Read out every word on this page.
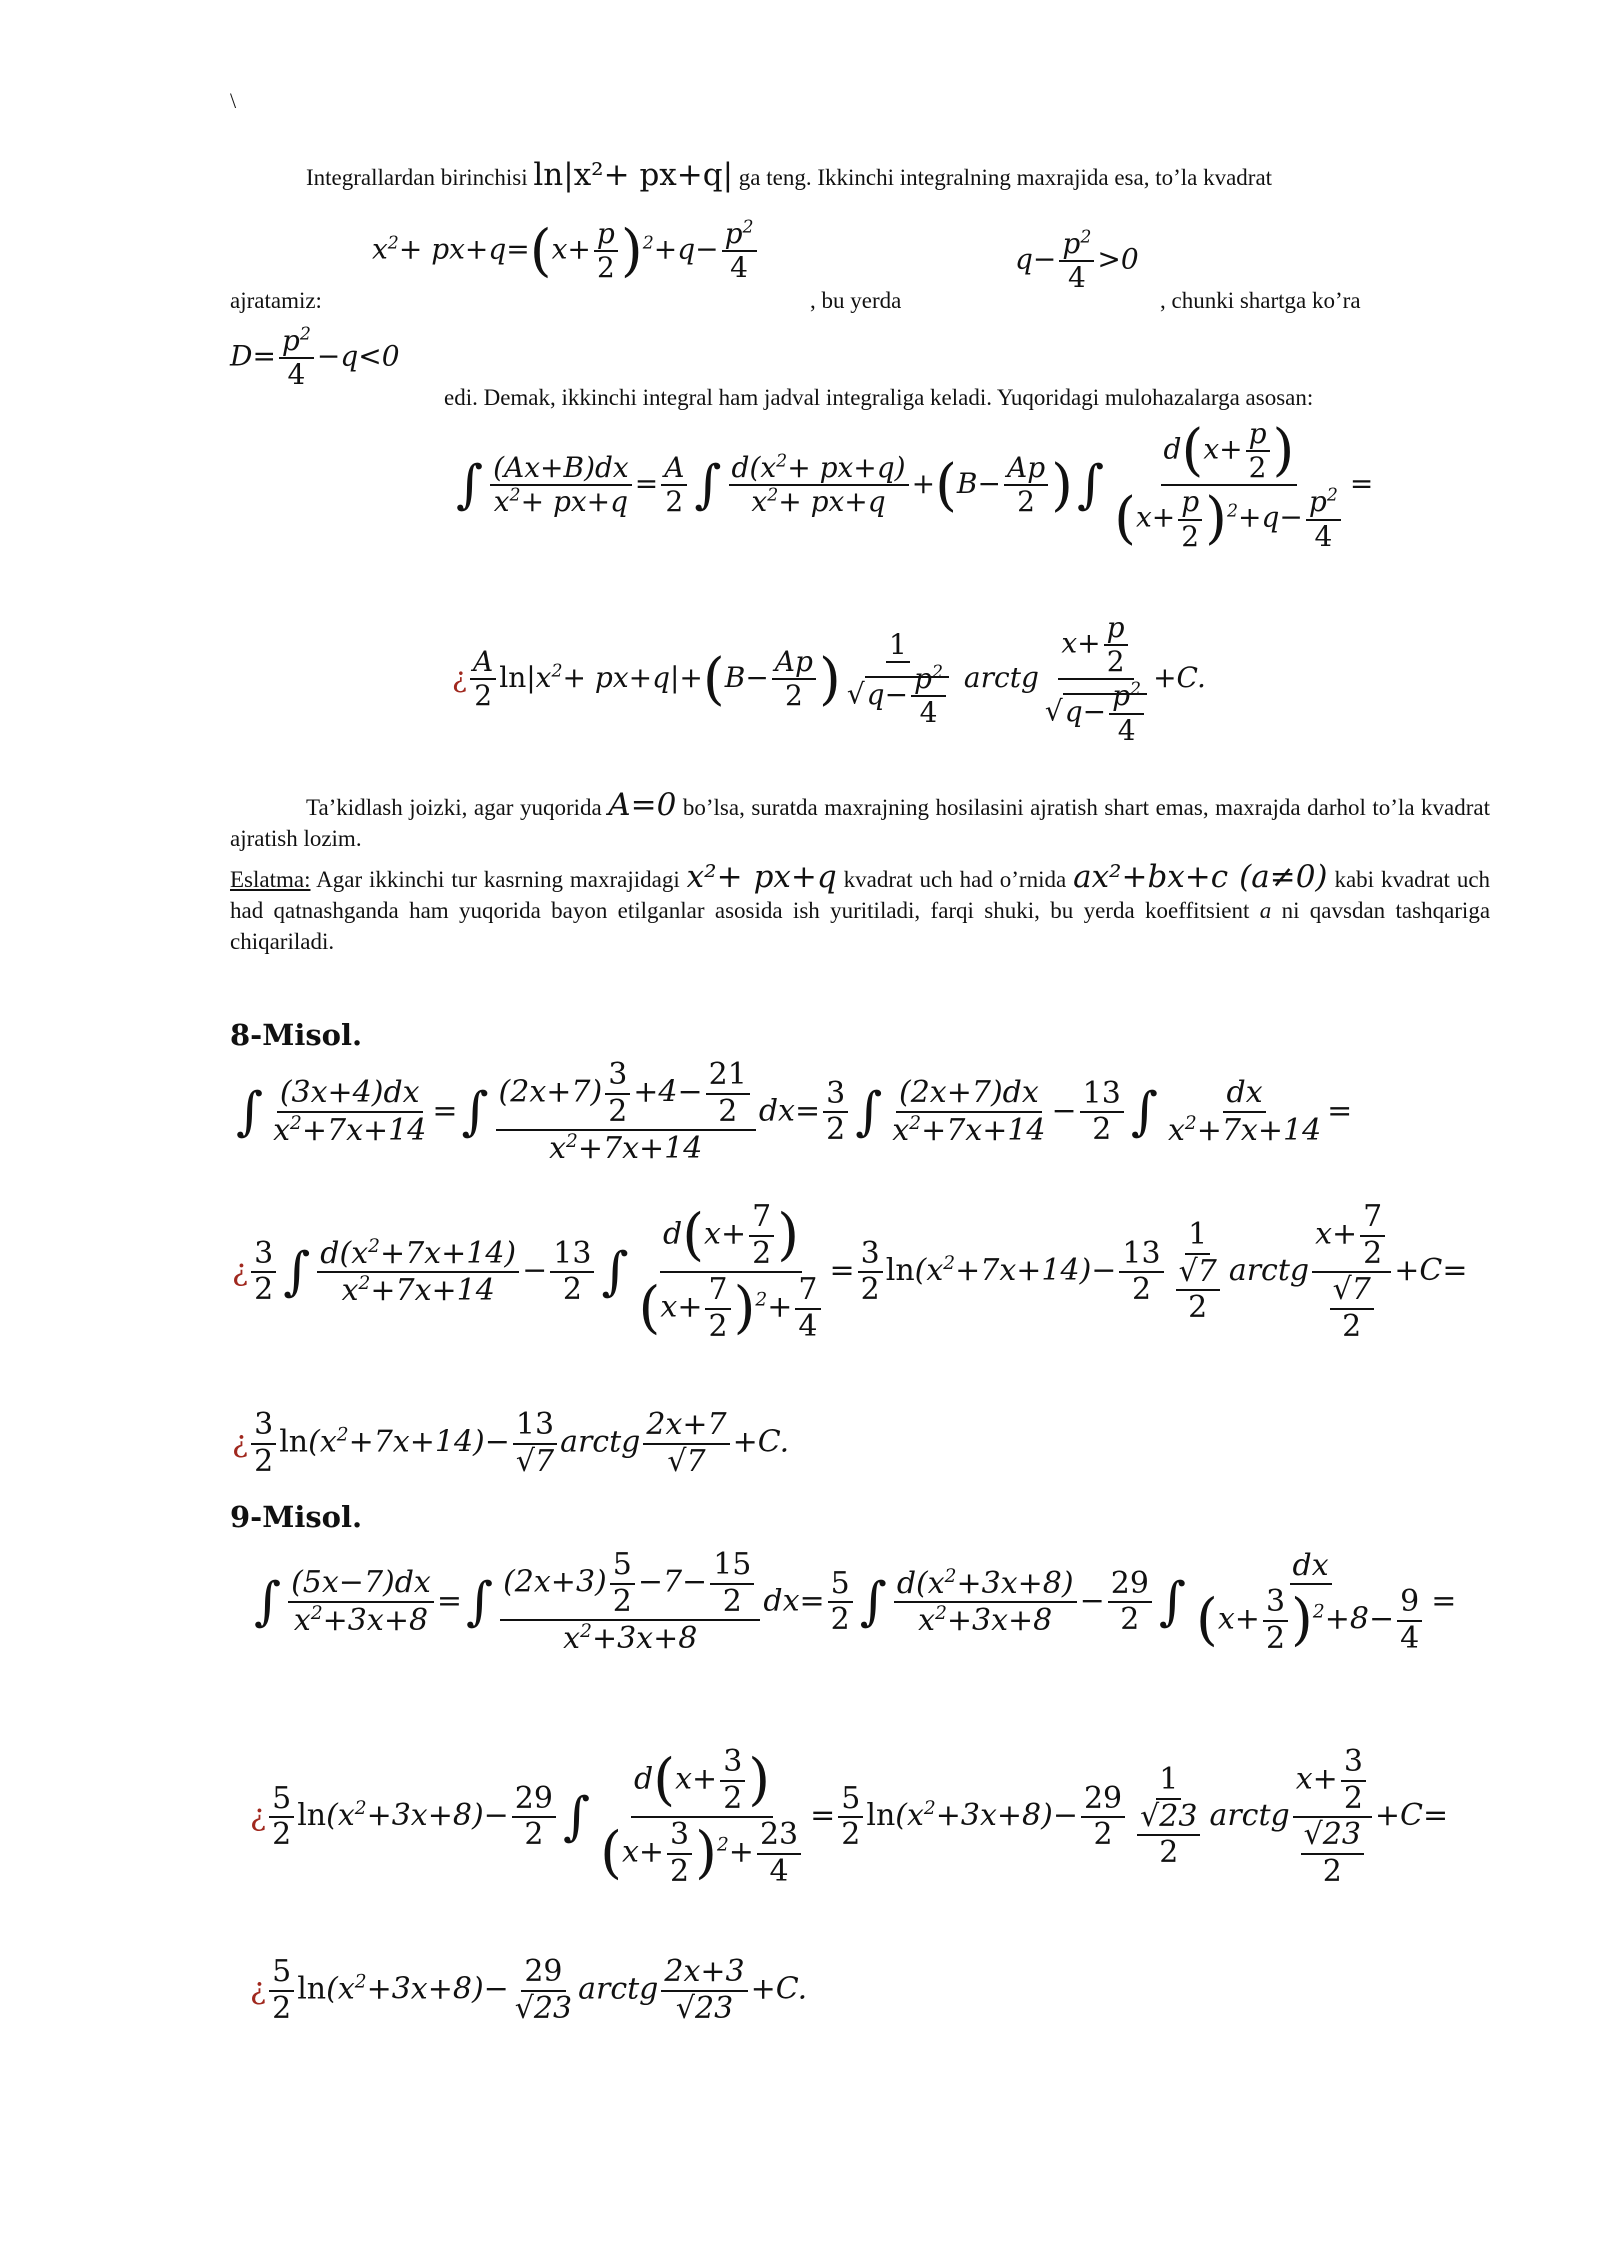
\
Integrallardan birinchisi ln|x²+ px+q| ga teng. Ikkinchi integralning maxrajida esa, to’la kvadrat
ajratamiz:
$x^2+ px+q=(x+ \frac{p}{2} )^2+q- \frac{p^2}{4}$
, bu yerda
$q- \frac{p^2}{4} >0$
, chunki shartga ko’ra
$D= \frac{p^2}{4} -q<0$
edi. Demak, ikkinchi integral ham jadval integraliga keladi. Yuqoridagi mulohazalarga asosan:
∫ $\frac{(Ax+B)dx}{x^2+ px+q} = \frac{A}{2}$ ∫ $\frac{d(x^2+ px+q)}{x^2+ px+q} +(B- \frac{Ap}{2}$ )∫ $\frac{d(x+ \frac{p}{2} )}{(x+ \frac{p}{2} )^2+q- \frac{p^2}{4}}$ =
¿ $\frac{A}{2} \ln|x^2+ px+q|+(B- \frac{Ap}{2}$ ) $\frac{1}{√q- \frac{p^2}{4}}$ arctg $\frac{x+ \frac{p}{2}}{√q- \frac{p^2}{4}} +C$.
Ta’kidlash joizki, agar yuqorida A=0 bo’lsa, suratda maxrajning hosilasini ajratish shart emas, maxrajda darhol to’la kvadrat ajratish lozim.
Eslatma: Agar ikkinchi tur kasrning maxrajidagi x²+ px+q kvadrat uch had o’rnida ax²+bx+c (a≠0) kabi kvadrat uch had qatnashganda ham yuqorida bayon etilganlar asosida ish yuritiladi, farqi shuki, bu yerda koeffitsient a ni qavsdan tashqariga chiqariladi.
8-Misol.
∫ $\frac{(3x+4)dx}{x^2+7x+14}$ =∫ $\frac{(2x+7) \frac{3}{2} +4- \frac{21}{2}}{x^2+7x+14} dx= \frac{3}{2}$ ∫ $\frac{(2x+7)dx}{x^2+7x+14} - \frac{13}{2}$ ∫ $\frac{dx}{x^2+7x+14}$ =
¿ $\frac{3}{2}$ ∫ $\frac{d(x^2+7x+14)}{x^2+7x+14} - \frac{13}{2}$ ∫ $\frac{d(x+ \frac{7}{2} )}{(x+ \frac{7}{2} )^2+ \frac{7}{4}} = \frac{3}{2} \ln(x^2+7x+14)- \frac{13}{2} \frac{1}{\frac{√7}{2}}$ arctg $\frac{x+ \frac{7}{2}}{\frac{√7}{2}} +C=$
¿ $\frac{3}{2} \ln(x^2+7x+14)- \frac{13}{√7}$ arctg $\frac{2x+7}{√7} +C$.
9-Misol.
∫ $\frac{(5x-7)dx}{x^2+3x+8}$ =∫ $\frac{(2x+3) \frac{5}{2} -7- \frac{15}{2}}{x^2+3x+8} dx= \frac{5}{2}$ ∫ $\frac{d(x^2+3x+8)}{x^2+3x+8} - \frac{29}{2}$ ∫ $\frac{dx}{(x+ \frac{3}{2} )^2+8- \frac{9}{4}}$ =
¿ $\frac{5}{2} \ln(x^2+3x+8)- \frac{29}{2}$ ∫ $\frac{d(x+ \frac{3}{2} )}{(x+ \frac{3}{2} )^2+ \frac{23}{4}} = \frac{5}{2} \ln(x^2+3x+8)- \frac{29}{2} \frac{1}{\frac{√23}{2}}$ arctg $\frac{x+ \frac{3}{2}}{\frac{√23}{2}} +C=$
¿ $\frac{5}{2} \ln(x^2+3x+8)- \frac{29}{√23}$ arctg $\frac{2x+3}{√23} +C$.
